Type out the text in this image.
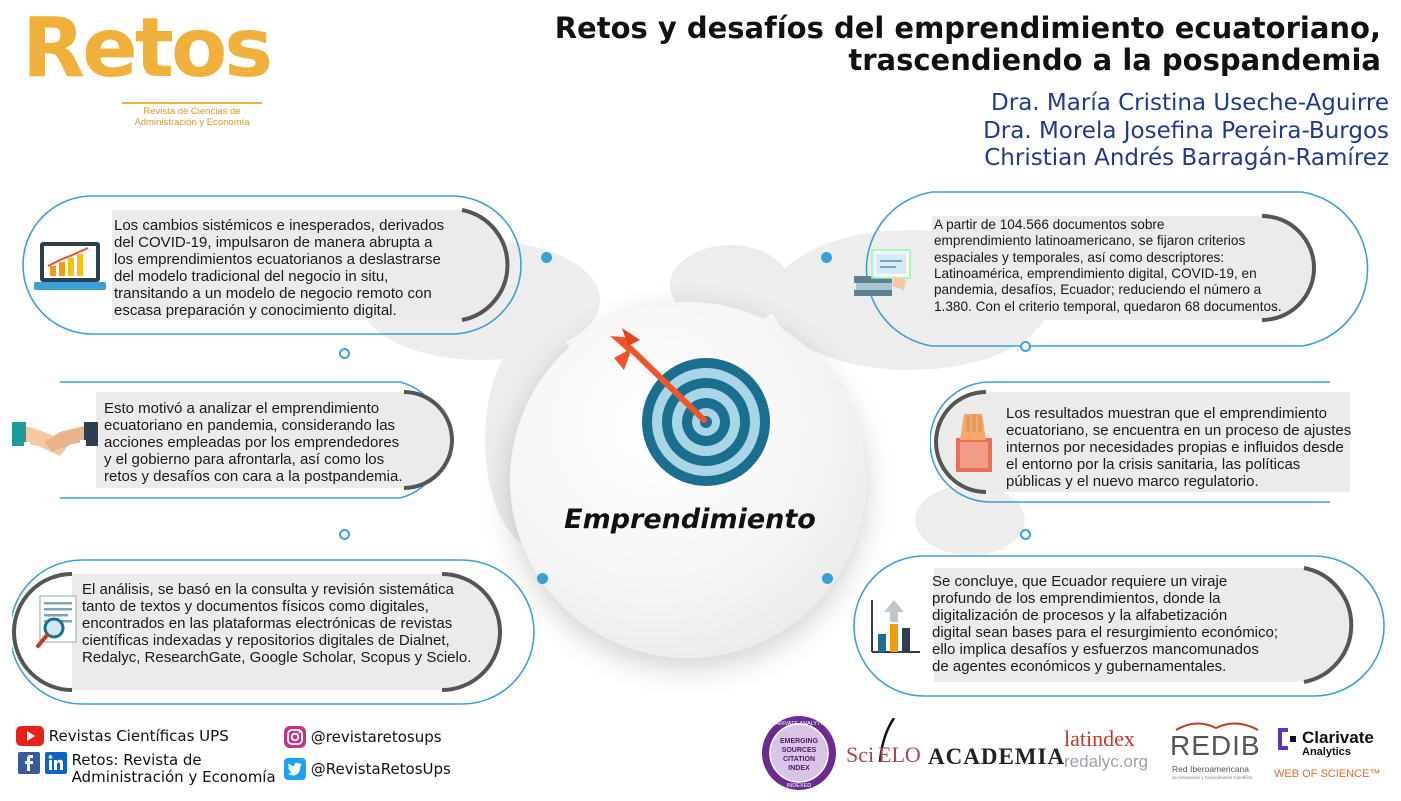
Retos
Revista de Ciencias de
Administración y Economía
Retos y desafíos del emprendimiento ecuatoriano,
trascendiendo a la pospandemia
Dra. María Cristina Useche-Aguirre
Dra. Morela Josefina Pereira-Burgos
Christian Andrés Barragán-Ramírez
Emprendimiento
Los cambios sistémicos e inesperados, derivados
del COVID-19, impulsaron de manera abrupta a
los emprendimientos ecuatorianos a deslastrarse
del modelo tradicional del negocio in situ,
transitando a un modelo de negocio remoto con
escasa preparación y conocimiento digital.
Esto motivó a analizar el emprendimiento
ecuatoriano en pandemia, considerando las
acciones empleadas por los emprendedores
y el gobierno para afrontarla, así como los
retos y desafíos con cara a la postpandemia.
El análisis, se basó en la consulta y revisión sistemática
tanto de textos y documentos físicos como digitales,
encontrados en las plataformas electrónicas de revistas
científicas indexadas y repositorios digitales de Dialnet,
Redalyc, ResearchGate, Google Scholar, Scopus y Scielo.
A partir de 104.566 documentos sobre
emprendimiento latinoamericano, se fijaron criterios
espaciales y temporales, así como descriptores:
Latinoamérica, emprendimiento digital, COVID-19, en
pandemia, desafíos, Ecuador; reduciendo el número a
1.380. Con el criterio temporal, quedaron 68 documentos.
Los resultados muestran que el emprendimiento
ecuatoriano, se encuentra en un proceso de ajustes
internos por necesidades propias e influidos desde
el entorno por la crisis sanitaria, las políticas
públicas y el nuevo marco regulatorio.
Se concluye, que Ecuador requiere un viraje
profundo de los emprendimientos, donde la
digitalización de procesos y la alfabetización
digital sean bases para el resurgimiento económico;
ello implica desafíos y esfuerzos mancomunados
de agentes económicos y gubernamentales.
Revistas Científicas UPS

Retos: Revista de
Administración y Economía
@revistaretosups
@RevistaRetosUps
CLARIVATE ANALYTICS
INDEXED
EMERGING
SOURCES
CITATION
INDEX
Sci ELO ACADEMIA
latindex
redalyc.org
REDIB
Red Iberoamericana
de Innovación y Conocimiento Científico
Clarivate
Analytics
WEB OF SCIENCE™
